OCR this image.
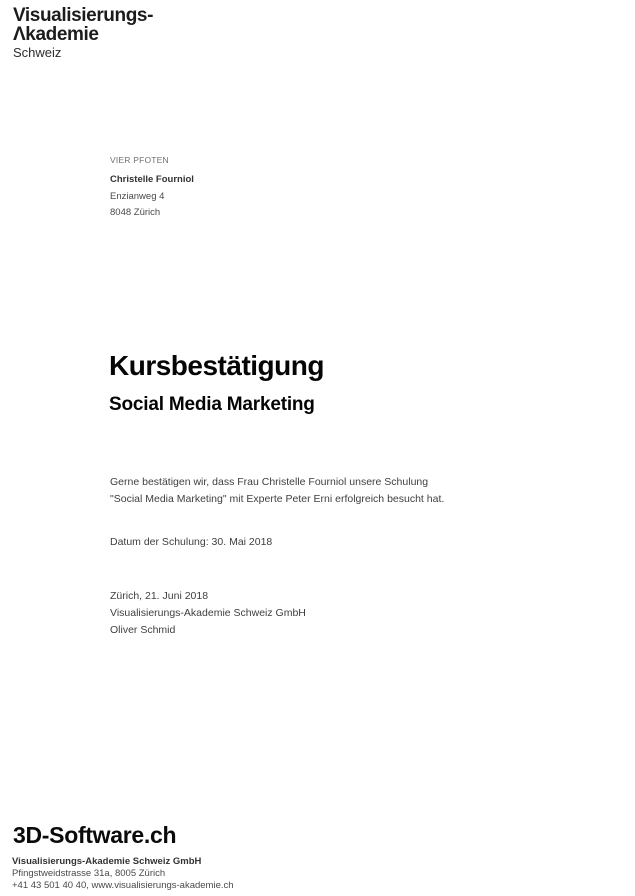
Visualisierungs-
Λkademie
Schweiz
VIER PFOTEN
Christelle Fourniol
Enzianweg 4
8048 Zürich
Kursbestätigung
Social Media Marketing

Gerne bestätigen wir, dass Frau Christelle Fourniol unsere Schulung
"Social Media Marketing" mit Experte Peter Erni erfolgreich besucht hat.

Datum der Schulung: 30. Mai 2018
Zürich, 21. Juni 2018
Visualisierungs-Akademie Schweiz GmbH
Oliver Schmid
3D-Software.ch
Visualisierungs-Akademie Schweiz GmbH
Pfingstweidstrasse 31a, 8005 Zürich
+41 43 501 40 40, www.visualisierungs-akademie.ch
